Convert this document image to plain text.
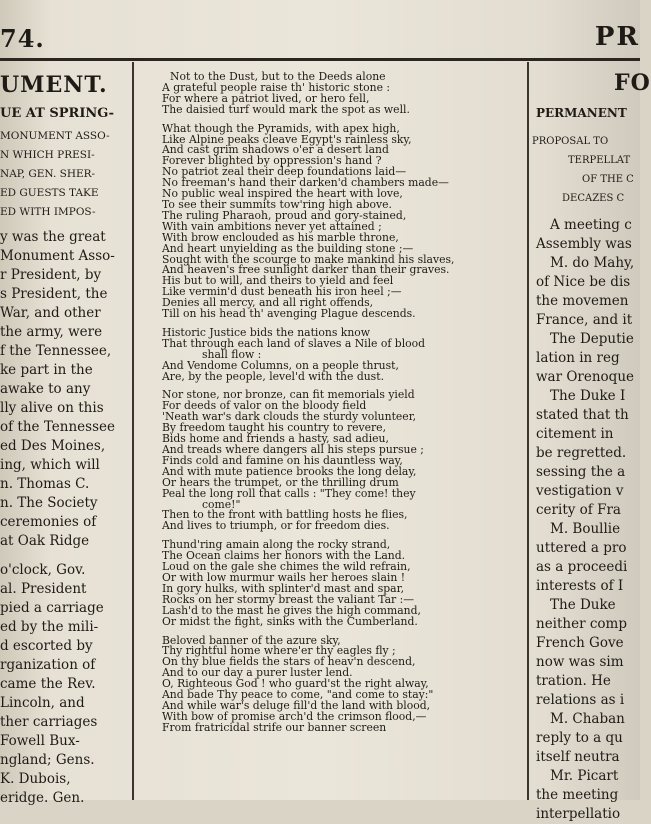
74.	PR
UMENT.
UE AT SPRING-
MONUMENT ASSO-
N WHICH PRESI-
NAP, GEN. SHER-
ED GUESTS TAKE
ED WITH IMPOS-
y was the great
Monument Asso-
r President, by
s President, the
War, and other
the army, were
f the Tennessee,
ke part in the
awake to any
lly alive on this
of the Tennessee
ed Des Moines,
ing, which will
n. Thomas C.
n. The Society
ceremonies of
at Oak Ridge
o'clock, Gov.
al. President
pied a carriage
ed by the mili-
d escorted by
rganization of
came the Rev.
Lincoln, and
ther carriages
Fowell Bux-
ngland; Gens.
K. Dubois,
eridge. Gen.
Not to the Dust, but to the Deeds alone
A grateful people raise th' historic stone :
For where a patriot lived, or hero fell,
The daisied turf would mark the spot as well.
What though the Pyramids, with apex high,
Like Alpine peaks cleave Egypt's rainless sky,
And cast grim shadows o'er a desert land
Forever blighted by oppression's hand ?
No patriot zeal their deep foundations laid—
No freeman's hand their darken'd chambers made—
No public weal inspired the heart with love,
To see their summits tow'ring high above.
The ruling Pharaoh, proud and gory-stained,
With vain ambitions never yet attained ;
With brow enclouded as his marble throne,
And heart unyielding as the building stone ;—
Sought with the scourge to make mankind his slaves,
And heaven's free sunlight darker than their graves.
His but to will, and theirs to yield and feel
Like vermin'd dust beneath his iron heel ;—
Denies all mercy, and all right offends,
Till on his head th' avenging Plague descends.
Historic Justice bids the nations know
That through each land of slaves a Nile of blood
shall flow :
And Vendome Columns, on a people thrust,
Are, by the people, level'd with the dust.
Nor stone, nor bronze, can fit memorials yield
For deeds of valor on the bloody field
'Neath war's dark clouds the sturdy volunteer,
By freedom taught his country to revere,
Bids home and friends a hasty, sad adieu,
And treads where dangers all his steps pursue ;
Finds cold and famine on his dauntless way,
And with mute patience brooks the long delay,
Or hears the trumpet, or the thrilling drum
Peal the long roll that calls : "They come! they
come!"
Then to the front with battling hosts he flies,
And lives to triumph, or for freedom dies.
Thund'ring amain along the rocky strand,
The Ocean claims her honors with the Land.
Loud on the gale she chimes the wild refrain,
Or with low murmur wails her heroes slain !
In gory hulks, with splinter'd mast and spar,
Rocks on her stormy breast the valiant Tar :—
Lash'd to the mast he gives the high command,
Or midst the fight, sinks with the Cumberland.
Beloved banner of the azure sky,
Thy rightful home where'er thy eagles fly ;
On thy blue fields the stars of heav'n descend,
And to our day a purer luster lend.
O, Righteous God ! who guard'st the right alway,
And bade Thy peace to come, "and come to stay:"
And while war's deluge fill'd the land with blood,
With bow of promise arch'd the crimson flood,—
From fratricidal strife our banner screen
FO
PERMANENT
PROPOSAL TO
TERPELLAT
OF THE C
DECAZES C
A meeting c
Assembly was
M. do Mahy,
of Nice be dis
the movemen
France, and it
The Deputie
lation in reg
war Orenoque
The Duke I
stated that th
citement in
be regretted.
sessing the a
vestigation v
cerity of Fra
M. Boullie
uttered a pro
as a proceedi
interests of I
The Duke
neither comp
French Gove
now was sim
tration. He
relations as i
M. Chaban
reply to a qu
itself neutra
Mr. Picart
the meeting
interpellatio
